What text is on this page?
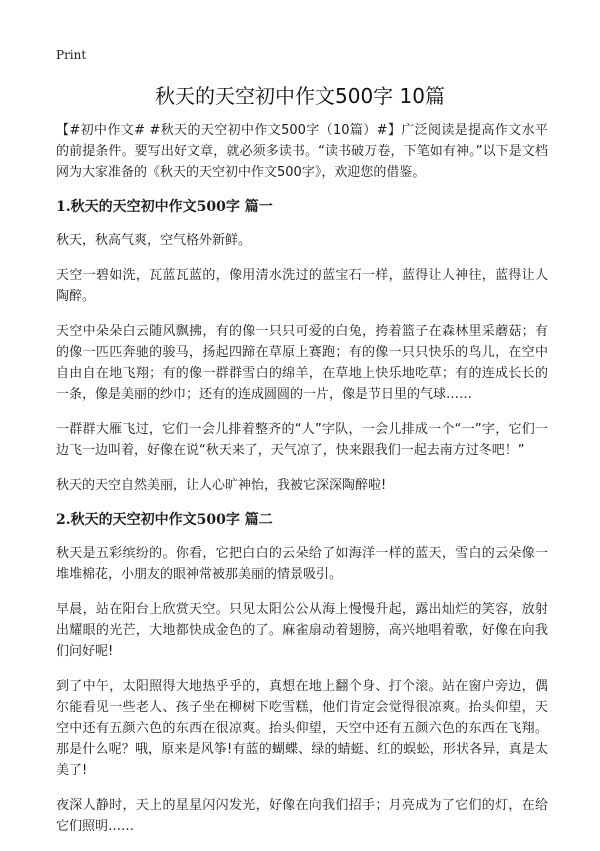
Print
秋天的天空初中作文500字 10篇

【#初中作文# #秋天的天空初中作文500字（10篇）#】广泛阅读是提高作文水平的前提条件。要写出好文章，就必须多读书。“读书破万卷，下笔如有神。”以下是文档网为大家准备的《秋天的天空初中作文500字》，欢迎您的借鉴。

1.秋天的天空初中作文500字 篇一

秋天，秋高气爽，空气格外新鲜。

天空一碧如洗，瓦蓝瓦蓝的，像用清水洗过的蓝宝石一样，蓝得让人神往，蓝得让人陶醉。

天空中朵朵白云随风飘拂，有的像一只只可爱的白兔，挎着篮子在森林里采蘑菇；有的像一匹匹奔驰的骏马，扬起四蹄在草原上赛跑；有的像一只只快乐的鸟儿，在空中自由自在地飞翔；有的像一群群雪白的绵羊，在草地上快乐地吃草；有的连成长长的一条，像是美丽的纱巾；还有的连成圆圆的一片，像是节日里的气球……

一群群大雁飞过，它们一会儿排着整齐的“人”字队，一会儿排成一个“一”字，它们一边飞一边叫着，好像在说“秋天来了，天气凉了，快来跟我们一起去南方过冬吧！”

秋天的天空自然美丽，让人心旷神怡，我被它深深陶醉啦!

2.秋天的天空初中作文500字 篇二

秋天是五彩缤纷的。你看，它把白白的云朵给了如海洋一样的蓝天，雪白的云朵像一堆堆棉花，小朋友的眼神常被那美丽的情景吸引。

早晨，站在阳台上欣赏天空。只见太阳公公从海上慢慢升起，露出灿烂的笑容，放射出耀眼的光芒，大地都快成金色的了。麻雀扇动着翅膀，高兴地唱着歌，好像在向我们问好呢!

到了中午，太阳照得大地热乎乎的，真想在地上翻个身、打个滚。站在窗户旁边，偶尔能看见一些老人、孩子坐在柳树下吃雪糕，他们肯定会觉得很凉爽。抬头仰望，天空中还有五颜六色的东西在很凉爽。抬头仰望，天空中还有五颜六色的东西在飞翔。那是什么呢？哦，原来是风筝!有蓝的蝴蝶、绿的蜻蜓、红的蜈蚣，形状各异，真是太美了!

夜深人静时，天上的星星闪闪发光，好像在向我们招手；月亮成为了它们的灯，在给它们照明……
